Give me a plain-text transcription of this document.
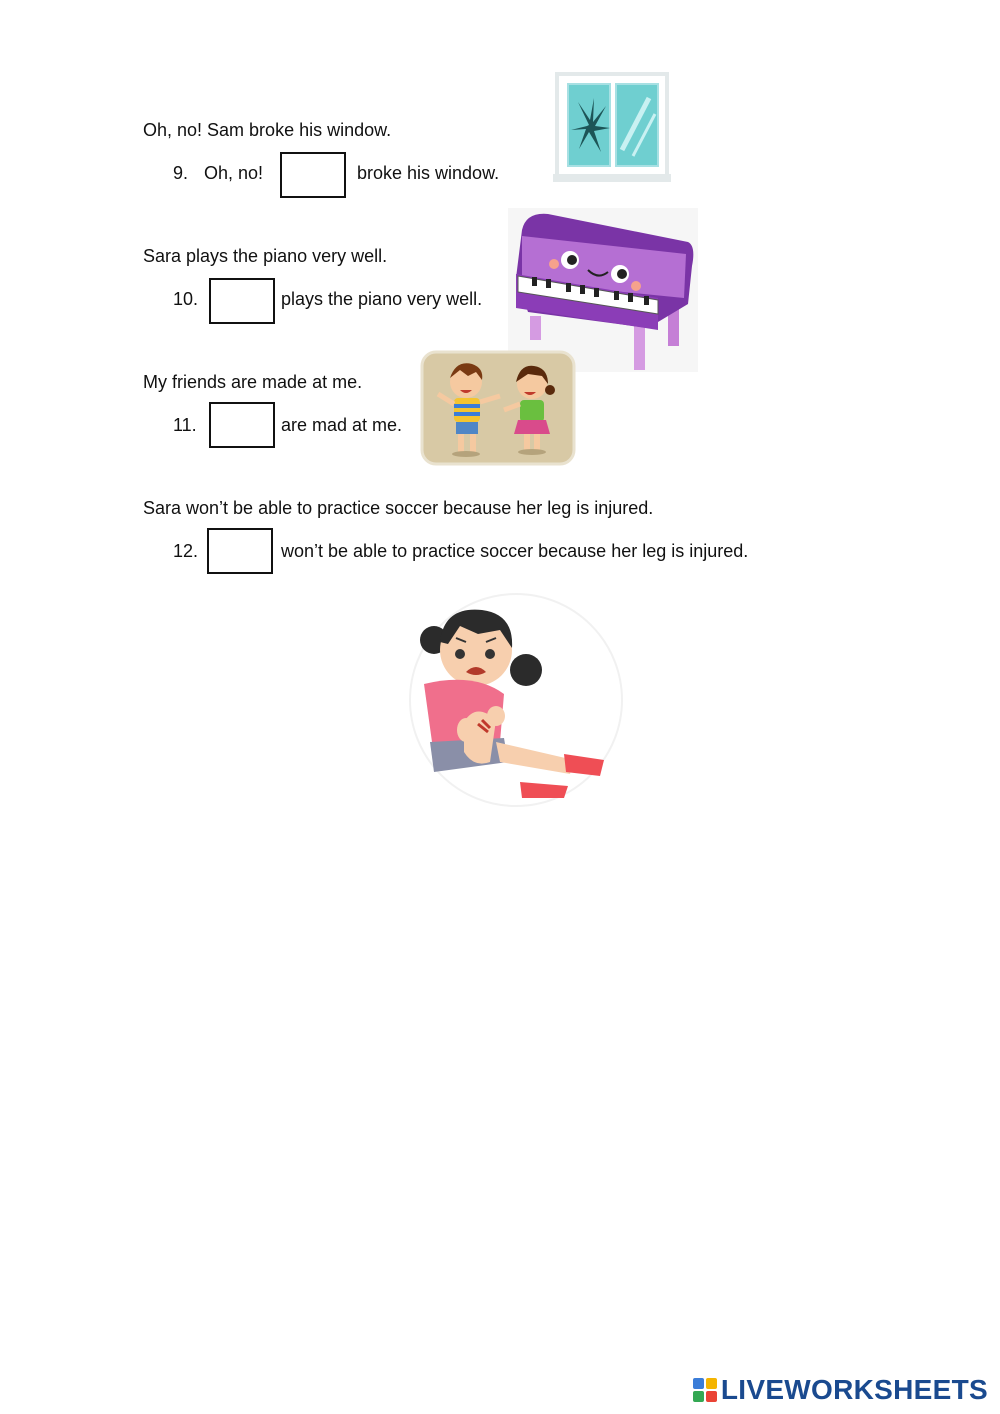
Oh, no! Sam broke his window.
9. Oh, no!	broke his window.
Sara plays the piano very well.
10.	plays the piano very well.
My friends are made at me.
11.	are mad at me.
Sara won’t be able to practice soccer because her leg is injured.
12.	won’t be able to practice soccer because her leg is injured.
LIVEWORKSHEETS
